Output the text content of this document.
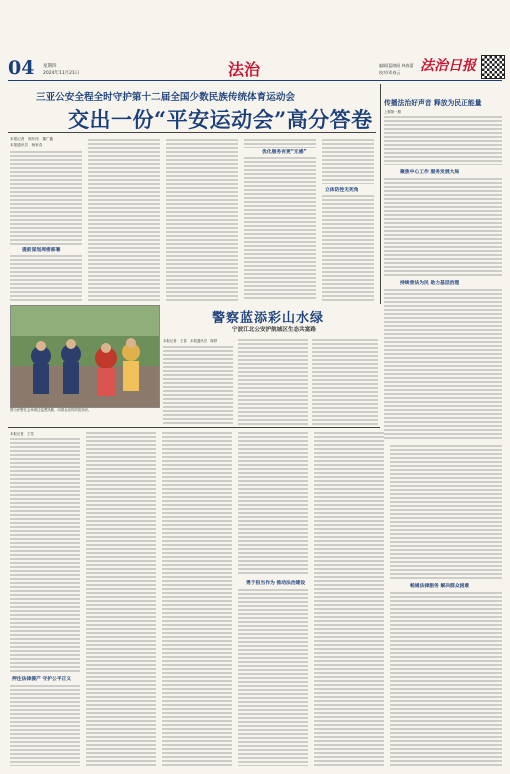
04 星期四
2024年11月21日	法治	编辑/蓝晓阳 林春蕾
校对/邓春云 法治日报
三亚公安全程全时守护第十二届全国少数民族传统体育运动会
交出一份“平安运动会”高分答卷
本报记者　邢东伟　董广鑫
本报通讯员　杨家奇
提前谋划周密部署
优化服务有更“无感”
立体防控无死角
传播法治好声音 释放为民正能量
上期第一期
聚焦中心工作 服务发展大局
持续普法为民 助力基层治理
图为民警在会场周边巡逻执勤，向群众宣传防范知识。
警察蓝添彩山水绿
宁波江北公安护航城区生态共富路
本报记者　王春　本报通讯员　陈婷
本报记者　王雪
押注法律援产 守护公平正义
勇于担当作为 推动法治建设
畅通法律服务 解决群众困难
